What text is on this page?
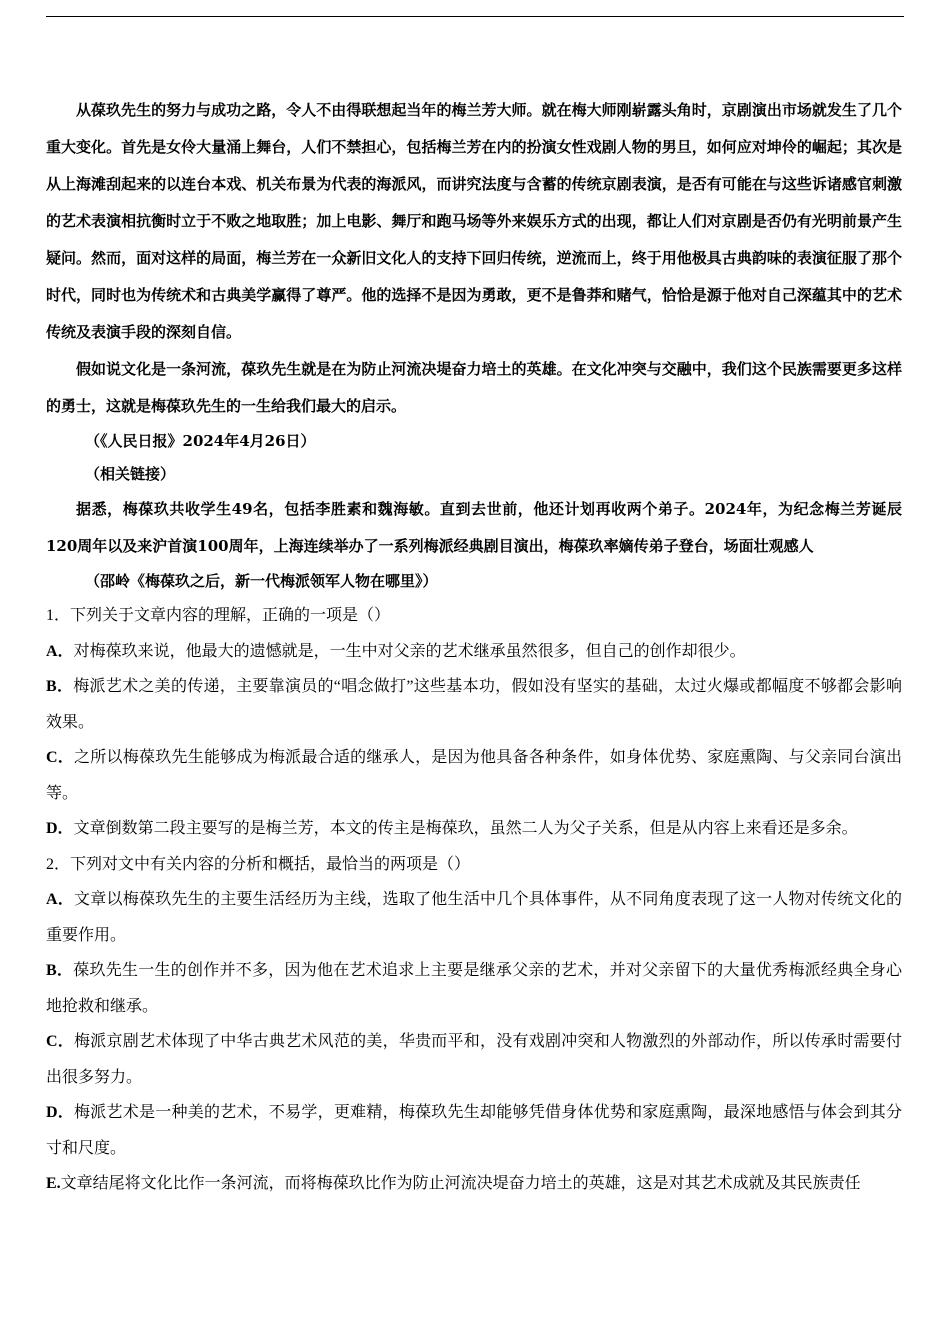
从葆玖先生的努力与成功之路，令人不由得联想起当年的梅兰芳大师。就在梅大师刚崭露头角时，京剧演出市场就发生了几个重大变化。首先是女伶大量涌上舞台，人们不禁担心，包括梅兰芳在内的扮演女性戏剧人物的男旦，如何应对坤伶的崛起；其次是从上海滩刮起来的以连台本戏、机关布景为代表的海派风，而讲究法度与含蓄的传统京剧表演，是否有可能在与这些诉诸感官刺激的艺术表演相抗衡时立于不败之地取胜；加上电影、舞厅和跑马场等外来娱乐方式的出现，都让人们对京剧是否仍有光明前景产生疑问。然而，面对这样的局面，梅兰芳在一众新旧文化人的支持下回归传统，逆流而上，终于用他极具古典韵味的表演征服了那个时代，同时也为传统术和古典美学赢得了尊严。他的选择不是因为勇敢，更不是鲁莽和赌气，恰恰是源于他对自己深蕴其中的艺术传统及表演手段的深刻自信。

假如说文化是一条河流，葆玖先生就是在为防止河流决堤奋力培土的英雄。在文化冲突与交融中，我们这个民族需要更多这样的勇士，这就是梅葆玖先生的一生给我们最大的启示。

（《人民日报》2024年4月26日）

（相关链接）

据悉，梅葆玖共收学生49名，包括李胜素和魏海敏。直到去世前，他还计划再收两个弟子。2024年，为纪念梅兰芳诞辰120周年以及来沪首演100周年，上海连续举办了一系列梅派经典剧目演出，梅葆玖率嫡传弟子登台，场面壮观感人

（邵岭《梅葆玖之后，新一代梅派领军人物在哪里》）

1．下列关于文章内容的理解，正确的一项是（）

A．对梅葆玖来说，他最大的遗憾就是，一生中对父亲的艺术继承虽然很多，但自己的创作却很少。

B．梅派艺术之美的传递，主要靠演员的“唱念做打”这些基本功，假如没有坚实的基础，太过火爆或都幅度不够都会影响效果。

C．之所以梅葆玖先生能够成为梅派最合适的继承人，是因为他具备各种条件，如身体优势、家庭熏陶、与父亲同台演出等。

D．文章倒数第二段主要写的是梅兰芳，本文的传主是梅葆玖，虽然二人为父子关系，但是从内容上来看还是多余。

2．下列对文中有关内容的分析和概括，最恰当的两项是（）

A．文章以梅葆玖先生的主要生活经历为主线，选取了他生活中几个具体事件，从不同角度表现了这一人物对传统文化的重要作用。

B．葆玖先生一生的创作并不多，因为他在艺术追求上主要是继承父亲的艺术，并对父亲留下的大量优秀梅派经典全身心地抢救和继承。

C．梅派京剧艺术体现了中华古典艺术风范的美，华贵而平和，没有戏剧冲突和人物激烈的外部动作，所以传承时需要付出很多努力。

D．梅派艺术是一种美的艺术，不易学，更难精，梅葆玖先生却能够凭借身体优势和家庭熏陶，最深地感悟与体会到其分寸和尺度。

E.文章结尾将文化比作一条河流，而将梅葆玖比作为防止河流决堤奋力培土的英雄，这是对其艺术成就及其民族责任
